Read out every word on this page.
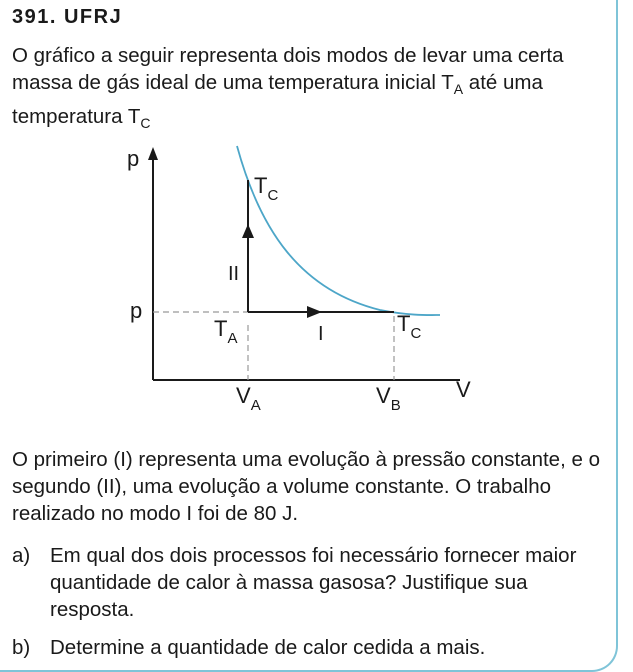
391. UFRJ
O gráfico a seguir representa dois modos de levar uma certa massa de gás ideal de uma temperatura inicial $T_A$ até uma temperatura $T_C$
p
V
p
$T_C$
II
$T_A$	I	$T_C$
$V_A$	$V_B$
O primeiro (I) representa uma evolução à pressão constante, e o segundo (II), uma evolução a volume constante. O trabalho realizado no modo I foi de 80 J.
a) Em qual dos dois processos foi necessário fornecer maior quantidade de calor à massa gasosa? Justifique sua resposta.
b) Determine a quantidade de calor cedida a mais.
